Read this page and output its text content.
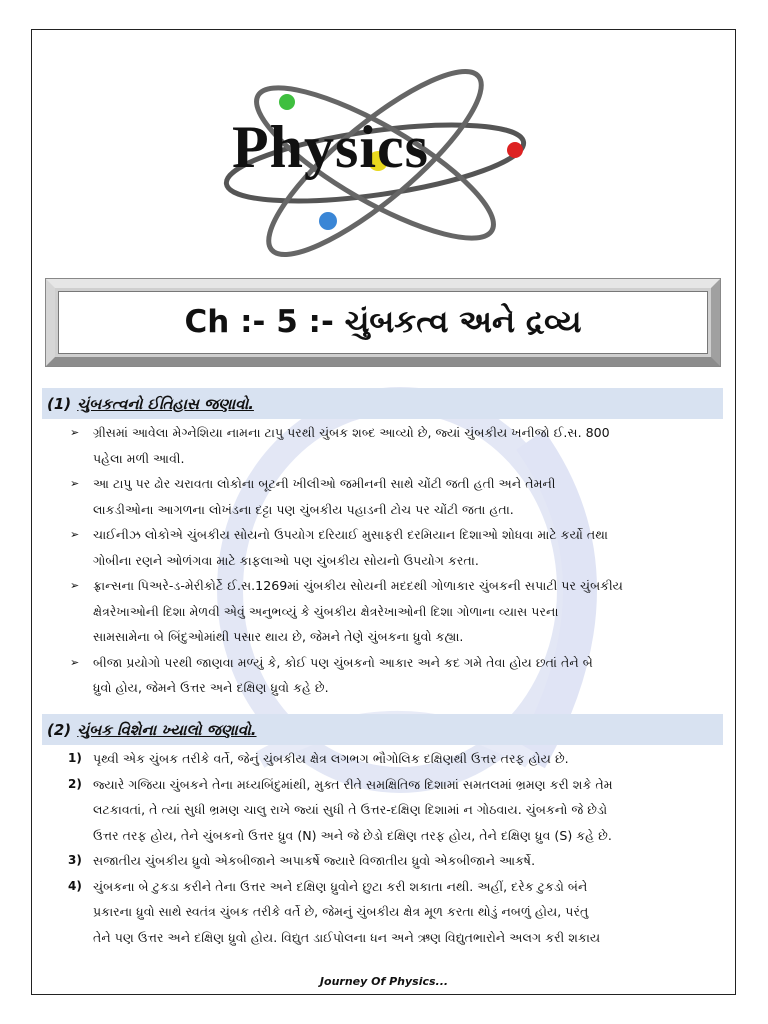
Physics
Ch :- 5 :- ચુંબકત્વ અને દ્રવ્ય
(1) ચુંબકત્વનો ઈતિહાસ જણાવો.
➢ ગ્રીસમાં આવેલા મેગ્નેશિયા નામના ટાપુ પરથી ચુંબક શબ્દ આવ્યો છે, જ્યાં ચુંબકીય ખનીજો ઈ.સ. 800
પહેલા મળી આવી.
➢ આ ટાપુ પર ઢોર ચરાવતા લોકોના બૂટની ખીલીઓ જમીનની સાથે ચોંટી જતી હતી અને તેમની
લાકડીઓના આગળના લોખંડના દટ્ટા પણ ચુંબકીય પહાડની ટોચ પર ચોંટી જતા હતા.
➢ ચાઈનીઝ લોકોએ ચુંબકીય સોયનો ઉપયોગ દરિયાઈ મુસાફરી દરમિયાન દિશાઓ શોધવા માટે કર્યો તથા
ગોબીના રણને ઓળંગવા માટે કાફલાઓ પણ ચુંબકીય સોયનો ઉપયોગ કરતા.
➢ ફ્રાન્સના પિઅરે-ડ-મેરીકોર્ટે ઈ.સ.1269માં ચુંબકીય સોયની મદદથી ગોળાકાર ચુંબકની સપાટી પર ચુંબકીય
ક્ષેત્રરેખાઓની દિશા મેળવી એવું અનુભવ્યું કે ચુંબકીય ક્ષેત્રરેખાઓની દિશા ગોળાના વ્યાસ પરના
સામસામેના બે બિંદુઓમાંથી પસાર થાય છે, જેમને તેણે ચુંબકના ધ્રુવો કહ્યા.
➢ બીજા પ્રયોગો પરથી જાણવા મળ્યું કે, કોઈ પણ ચુંબકનો આકાર અને કદ ગમે તેવા હોય છતાં તેને બે
ધ્રુવો હોય, જેમને ઉત્તર અને દક્ષિણ ધ્રુવો કહે છે.
(2) ચુંબક વિશેના ખ્યાલો જણાવો.
1) પૃથ્વી એક ચુંબક તરીકે વર્તે, જેનું ચુંબકીય ક્ષેત્ર લગભગ ભૌગોલિક દક્ષિણથી ઉત્તર તરફ હોય છે.
2) જ્યારે ગજિયા ચુંબકને તેના મધ્યબિંદુમાંથી, મુક્ત રીતે સમક્ષિતિજ દિશામાં સમતલમાં ભ્રમણ કરી શકે તેમ
લટકાવતાં, તે ત્યાં સુધી ભ્રમણ ચાલુ રાખે જ્યાં સુધી તે ઉત્તર-દક્ષિણ દિશામાં ન ગોઠવાય. ચુંબકનો જે છેડો
ઉત્તર તરફ હોય, તેને ચુંબકનો ઉત્તર ધ્રુવ (N) અને જે છેડો દક્ષિણ તરફ હોય, તેને દક્ષિણ ધ્રુવ (S) કહે છે.
3) સજાતીય ચુંબકીય ધ્રુવો એકબીજાને અપાકર્ષે જ્યારે વિજાતીય ધ્રુવો એકબીજાને આકર્ષે.
4) ચુંબકના બે ટુકડા કરીને તેના ઉત્તર અને દક્ષિણ ધ્રુવોને છુટા કરી શકાતા નથી. અહીં, દરેક ટુકડો બંને
પ્રકારના ધ્રુવો સાથે સ્વતંત્ર ચુંબક તરીકે વર્તે છે, જેમનું ચુંબકીય ક્ષેત્ર મૂળ કરતા થોડું નબળું હોય, પરંતુ
તેને પણ ઉત્તર અને દક્ષિણ ધ્રુવો હોય. વિદ્યુત ડાઈપોલના ધન અને ઋણ વિદ્યુતભારોને અલગ કરી શકાય
Journey Of Physics...
